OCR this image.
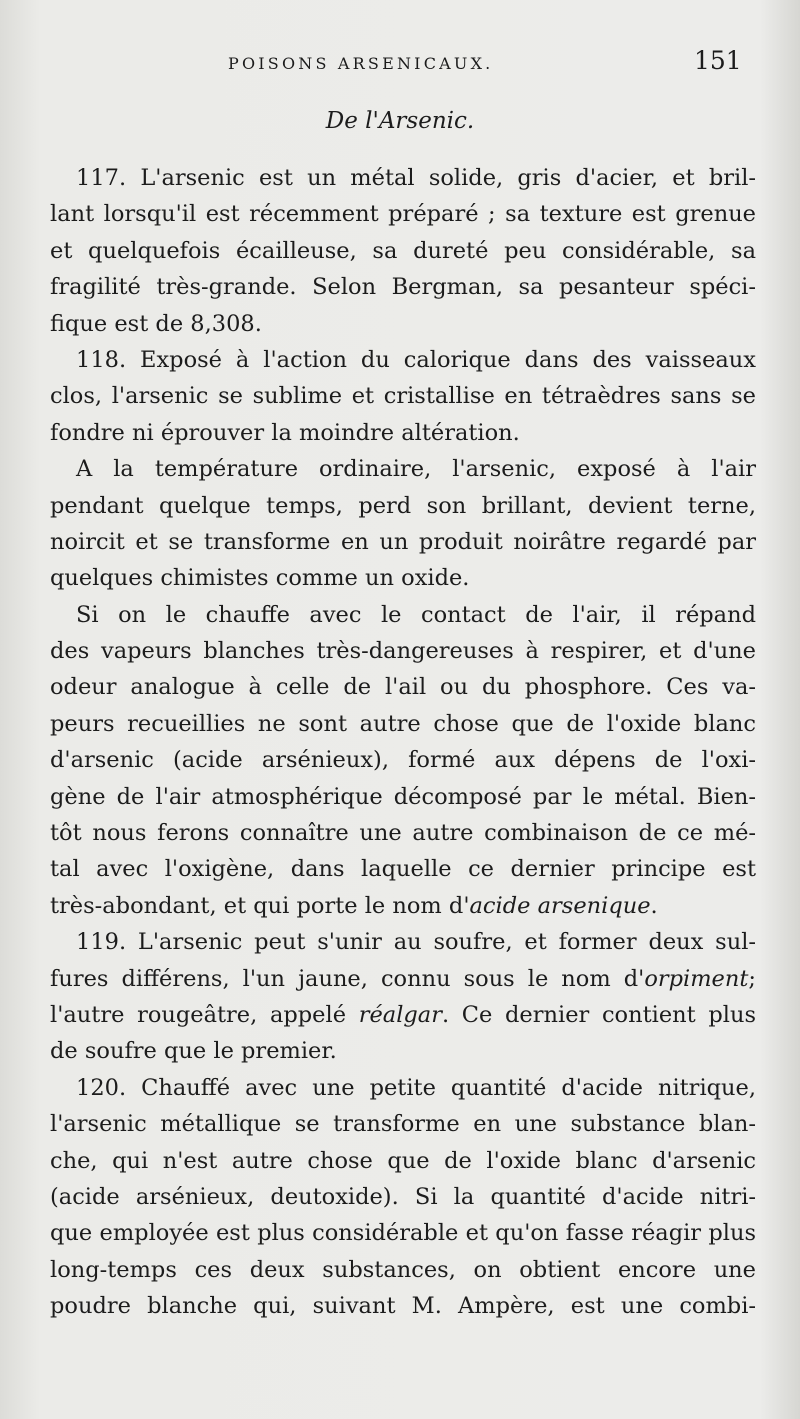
POISONS ARSENICAUX.	151
De l'Arsenic.
117. L'arsenic est un métal solide, gris d'acier, et bril-
lant lorsqu'il est récemment préparé ; sa texture est grenue
et quelquefois écailleuse, sa dureté peu considérable, sa
fragilité très-grande. Selon Bergman, sa pesanteur spéci-
fique est de 8,308.
118. Exposé à l'action du calorique dans des vaisseaux
clos, l'arsenic se sublime et cristallise en tétraèdres sans se
fondre ni éprouver la moindre altération.
A la température ordinaire, l'arsenic, exposé à l'air
pendant quelque temps, perd son brillant, devient terne,
noircit et se transforme en un produit noirâtre regardé par
quelques chimistes comme un oxide.
Si on le chauffe avec le contact de l'air, il répand
des vapeurs blanches très-dangereuses à respirer, et d'une
odeur analogue à celle de l'ail ou du phosphore. Ces va-
peurs recueillies ne sont autre chose que de l'oxide blanc
d'arsenic (acide arsénieux), formé aux dépens de l'oxi-
gène de l'air atmosphérique décomposé par le métal. Bien-
tôt nous ferons connaître une autre combinaison de ce mé-
tal avec l'oxigène, dans laquelle ce dernier principe est
très-abondant, et qui porte le nom d'acide arsenique.
119. L'arsenic peut s'unir au soufre, et former deux sul-
fures différens, l'un jaune, connu sous le nom d'orpiment;
l'autre rougeâtre, appelé réalgar. Ce dernier contient plus
de soufre que le premier.
120. Chauffé avec une petite quantité d'acide nitrique,
l'arsenic métallique se transforme en une substance blan-
che, qui n'est autre chose que de l'oxide blanc d'arsenic
(acide arsénieux, deutoxide). Si la quantité d'acide nitri-
que employée est plus considérable et qu'on fasse réagir plus
long-temps ces deux substances, on obtient encore une
poudre blanche qui, suivant M. Ampère, est une combi-
